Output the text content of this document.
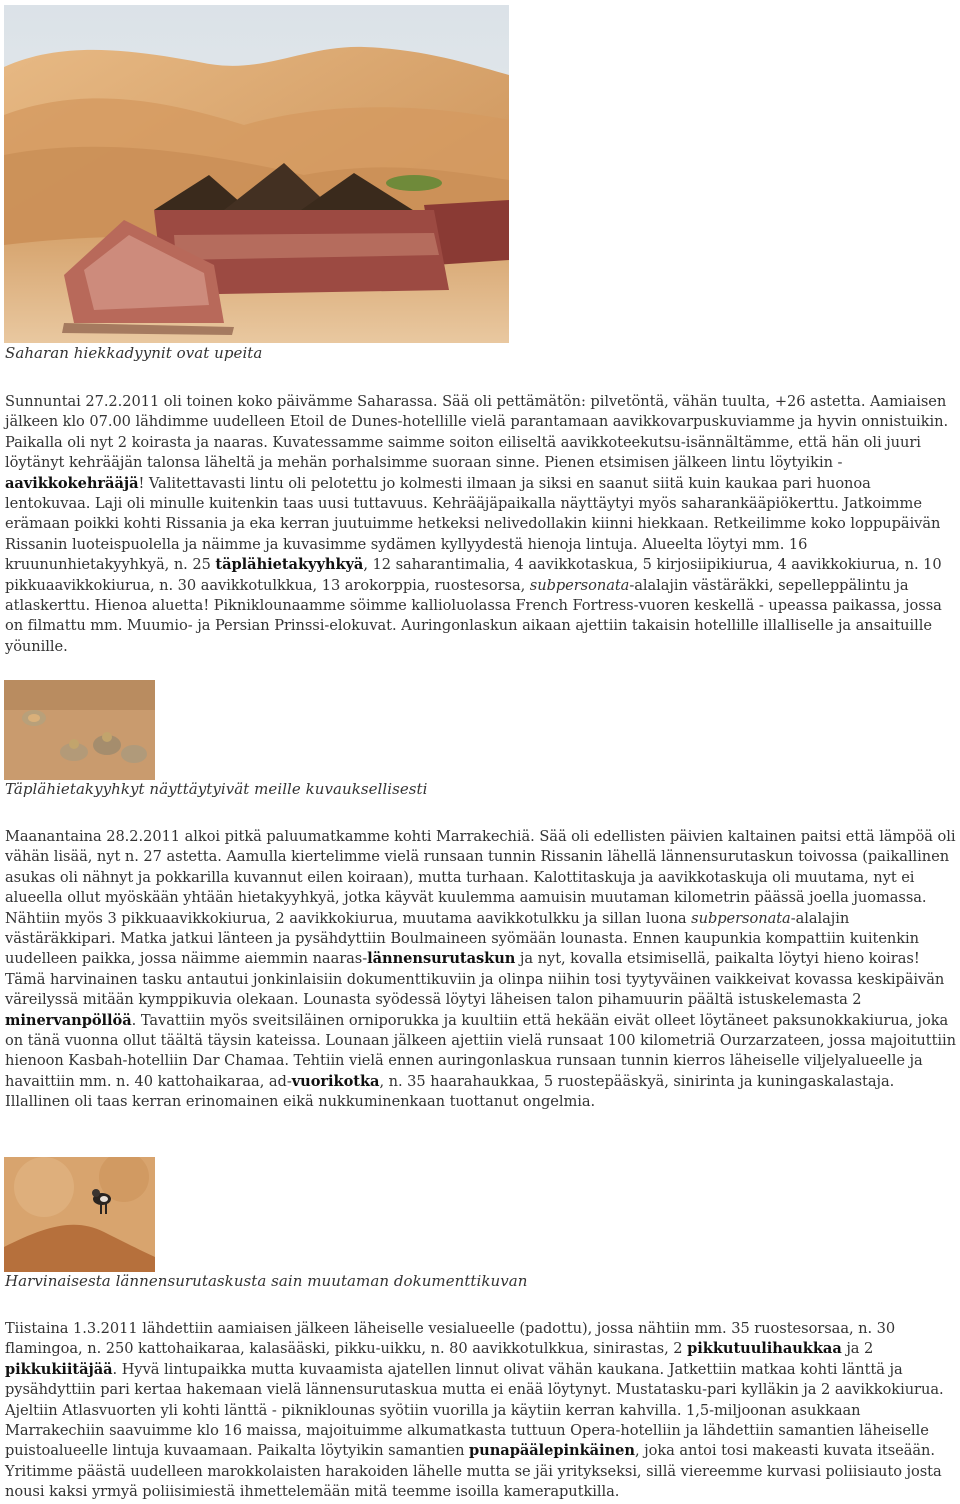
Saharan hiekkadyynit ovat upeita
Sunnuntai 27.2.2011 oli toinen koko päivämme Saharassa. Sää oli pettämätön: pilvetöntä, vähän tuulta, +26 astetta. Aamiaisen jälkeen klo 07.00 lähdimme uudelleen Etoil de Dunes-hotellille vielä parantamaan aavikkovarpuskuviamme ja hyvin onnistuikin. Paikalla oli nyt 2 koirasta ja naaras. Kuvatessamme saimme soiton eiliseltä aavikkoteekutsu-isännältämme, että hän oli juuri löytänyt kehrääjän talonsa läheltä ja mehän porhalsimme suoraan sinne. Pienen etsimisen jälkeen lintu löytyikin - aavikkokehrääjä! Valitettavasti lintu oli pelotettu jo kolmesti ilmaan ja siksi en saanut siitä kuin kaukaa pari huonoa lentokuvaa. Laji oli minulle kuitenkin taas uusi tuttavuus. Kehrääjäpaikalla näyttäytyi myös saharankääpiökerttu. Jatkoimme erämaan poikki kohti Rissania ja eka kerran juutuimme hetkeksi nelivedollakin kiinni hiekkaan. Retkeilimme koko loppupäivän Rissanin luoteispuolella ja näimme ja kuvasimme sydämen kyllyydestä hienoja lintuja. Alueelta löytyi mm. 16 kruununhietakyyhkyä, n. 25 täplähietakyyhkyä, 12 saharantimalia, 4 aavikkotaskua, 5 kirjosiipikiurua, 4 aavikkokiurua, n. 10 pikkuaavikkokiurua, n. 30 aavikkotulkkua, 13 arokorppia, ruostesorsa, subpersonata-alalajin västäräkki, sepelleppälintu ja atlaskerttu. Hienoa aluetta! Pikniklounaamme söimme kallioluolassa French Fortress-vuoren keskellä - upeassa paikassa, jossa on filmattu mm. Muumio- ja Persian Prinssi-elokuvat. Auringonlaskun aikaan ajettiin takaisin hotellille illalliselle ja ansaituille yöunille.
Täplähietakyyhkyt näyttäytyivät meille kuvauksellisesti
Maanantaina 28.2.2011 alkoi pitkä paluumatkamme kohti Marrakechiä. Sää oli edellisten päivien kaltainen paitsi että lämpöä oli vähän lisää, nyt n. 27 astetta. Aamulla kiertelimme vielä runsaan tunnin Rissanin lähellä lännensurutaskun toivossa (paikallinen asukas oli nähnyt ja pokkarilla kuvannut eilen koiraan), mutta turhaan. Kalottitaskuja ja aavikkotaskuja oli muutama, nyt ei alueella ollut myöskään yhtään hietakyyhkyä, jotka käyvät kuulemma aamuisin muutaman kilometrin päässä joella juomassa. Nähtiin myös 3 pikkuaavikkokiurua, 2 aavikkokiurua, muutama aavikkotulkku ja sillan luona subpersonata-alalajin västäräkkipari. Matka jatkui länteen ja pysähdyttiin Boulmaineen syömään lounasta. Ennen kaupunkia kompattiin kuitenkin uudelleen paikka, jossa näimme aiemmin naaras-lännensurutaskun ja nyt, kovalla etsimisellä, paikalta löytyi hieno koiras! Tämä harvinainen tasku antautui jonkinlaisiin dokumenttikuviin ja olinpa niihin tosi tyytyväinen vaikkeivat kovassa keskipäivän väreilyssä mitään kymppikuvia olekaan. Lounasta syödessä löytyi läheisen talon pihamuurin päältä istuskelemasta 2 minervanpöllöä. Tavattiin myös sveitsiläinen orniporukka ja kuultiin että hekään eivät olleet löytäneet paksunokkakiurua, joka on tänä vuonna ollut täältä täysin kateissa. Lounaan jälkeen ajettiin vielä runsaat 100 kilometriä Ourzarzateen, jossa majoituttiin hienoon Kasbah-hotelliin Dar Chamaa. Tehtiin vielä ennen auringonlaskua runsaan tunnin kierros läheiselle viljelyalueelle ja havaittiin mm. n. 40 kattohaikaraa, ad-vuorikotka, n. 35 haarahaukkaa, 5 ruostepääskyä, sinirinta ja kuningaskalastaja. Illallinen oli taas kerran erinomainen eikä nukkuminenkaan tuottanut ongelmia.
Harvinaisesta lännensurutaskusta sain muutaman dokumenttikuvan
Tiistaina 1.3.2011 lähdettiin aamiaisen jälkeen läheiselle vesialueelle (padottu), jossa nähtiin mm. 35 ruostesorsaa, n. 30 flamingoa, n. 250 kattohaikaraa, kalasääski, pikku-uikku, n. 80 aavikkotulkkua, sinirastas, 2 pikkutuulihaukkaa ja 2 pikkukiitäjää. Hyvä lintupaikka mutta kuvaamista ajatellen linnut olivat vähän kaukana. Jatkettiin matkaa kohti länttä ja pysähdyttiin pari kertaa hakemaan vielä lännensurutaskua mutta ei enää löytynyt. Mustatasku-pari kylläkin ja 2 aavikkokiurua. Ajeltiin Atlasvuorten yli kohti länttä - pikniklounas syötiin vuorilla ja käytiin kerran kahvilla. 1,5-miljoonan asukkaan Marrakechiin saavuimme klo 16 maissa, majoituimme alkumatkasta tuttuun Opera-hotelliin ja lähdettiin samantien läheiselle puistoalueelle lintuja kuvaamaan. Paikalta löytyikin samantien punapäälepinkäinen, joka antoi tosi makeasti kuvata itseään. Yritimme päästä uudelleen marokkolaisten harakoiden lähelle mutta se jäi yritykseksi, sillä viereemme kurvasi poliisiauto josta nousi kaksi yrmyä poliisimiestä ihmettelemään mitä teemme isoilla kameraputkilla.
